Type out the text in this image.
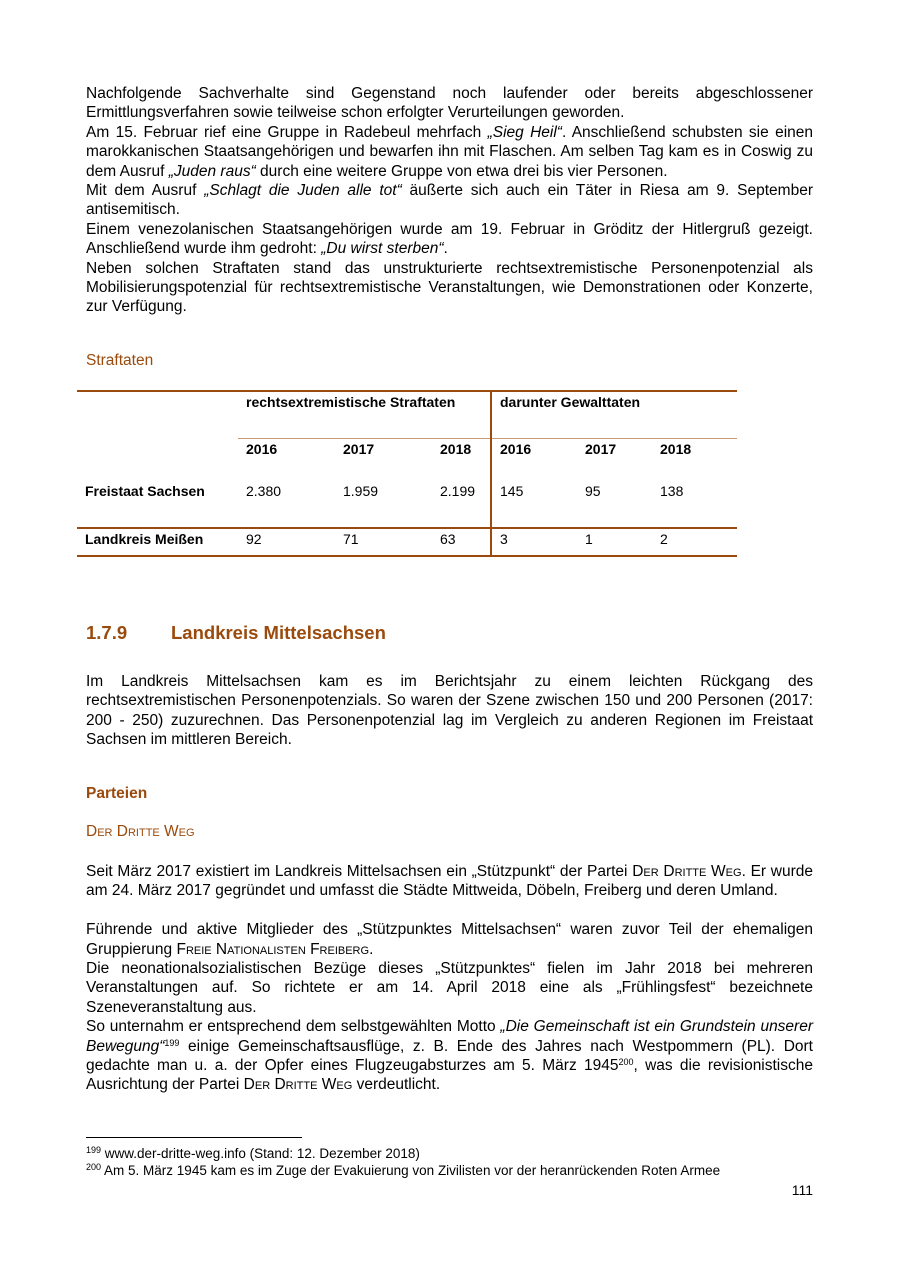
Nachfolgende Sachverhalte sind Gegenstand noch laufender oder bereits abgeschlossener Ermittlungsverfahren sowie teilweise schon erfolgter Verurteilungen geworden.

Am 15. Februar rief eine Gruppe in Radebeul mehrfach „Sieg Heil“. Anschließend schubsten sie einen marokkanischen Staatsangehörigen und bewarfen ihn mit Flaschen. Am selben Tag kam es in Coswig zu dem Ausruf „Juden raus“ durch eine weitere Gruppe von etwa drei bis vier Personen.

Mit dem Ausruf „Schlagt die Juden alle tot“ äußerte sich auch ein Täter in Riesa am 9. September antisemitisch.

Einem venezolanischen Staatsangehörigen wurde am 19. Februar in Gröditz der Hitlergruß gezeigt. Anschließend wurde ihm gedroht: „Du wirst sterben“.

Neben solchen Straftaten stand das unstrukturierte rechtsextremistische Personenpotenzial als Mobilisierungspotenzial für rechtsextremistische Veranstaltungen, wie Demonstrationen oder Konzerte, zur Verfügung.

Straftaten
	rechtsextremistische Straftaten			darunter Gewalttaten		
	2016	2017	2018	2016	2017	2018
Freistaat Sachsen	2.380	1.959	2.199	145	95	138
Landkreis Meißen	92	71	63	3	1	2
1.7.9 Landkreis Mittelsachsen

Im Landkreis Mittelsachsen kam es im Berichtsjahr zu einem leichten Rückgang des rechtsextremistischen Personenpotenzials. So waren der Szene zwischen 150 und 200 Personen (2017: 200 - 250) zuzurechnen. Das Personenpotenzial lag im Vergleich zu anderen Regionen im Freistaat Sachsen im mittleren Bereich.

Parteien
Der Dritte Weg

Seit März 2017 existiert im Landkreis Mittelsachsen ein „Stützpunkt“ der Partei Der Dritte Weg. Er wurde am 24. März 2017 gegründet und umfasst die Städte Mittweida, Döbeln, Freiberg und deren Umland.

Führende und aktive Mitglieder des „Stützpunktes Mittelsachsen“ waren zuvor Teil der ehemaligen Gruppierung Freie Nationalisten Freiberg.

Die neonationalsozialistischen Bezüge dieses „Stützpunktes“ fielen im Jahr 2018 bei mehreren Veranstaltungen auf. So richtete er am 14. April 2018 eine als „Frühlingsfest“ bezeichnete Szeneveranstaltung aus.

So unternahm er entsprechend dem selbstgewählten Motto „Die Gemeinschaft ist ein Grundstein unserer Bewegung“$^{199}$ einige Gemeinschaftsausflüge, z. B. Ende des Jahres nach Westpommern (PL). Dort gedachte man u. a. der Opfer eines Flugzeugabsturzes am 5. März 1945$^{200}$, was die revisionistische Ausrichtung der Partei Der Dritte Weg verdeutlicht.

$^{199}$ www.der-dritte-weg.info (Stand: 12. Dezember 2018)
$^{200}$ Am 5. März 1945 kam es im Zuge der Evakuierung von Zivilisten vor der heranrückenden Roten Armee
111
